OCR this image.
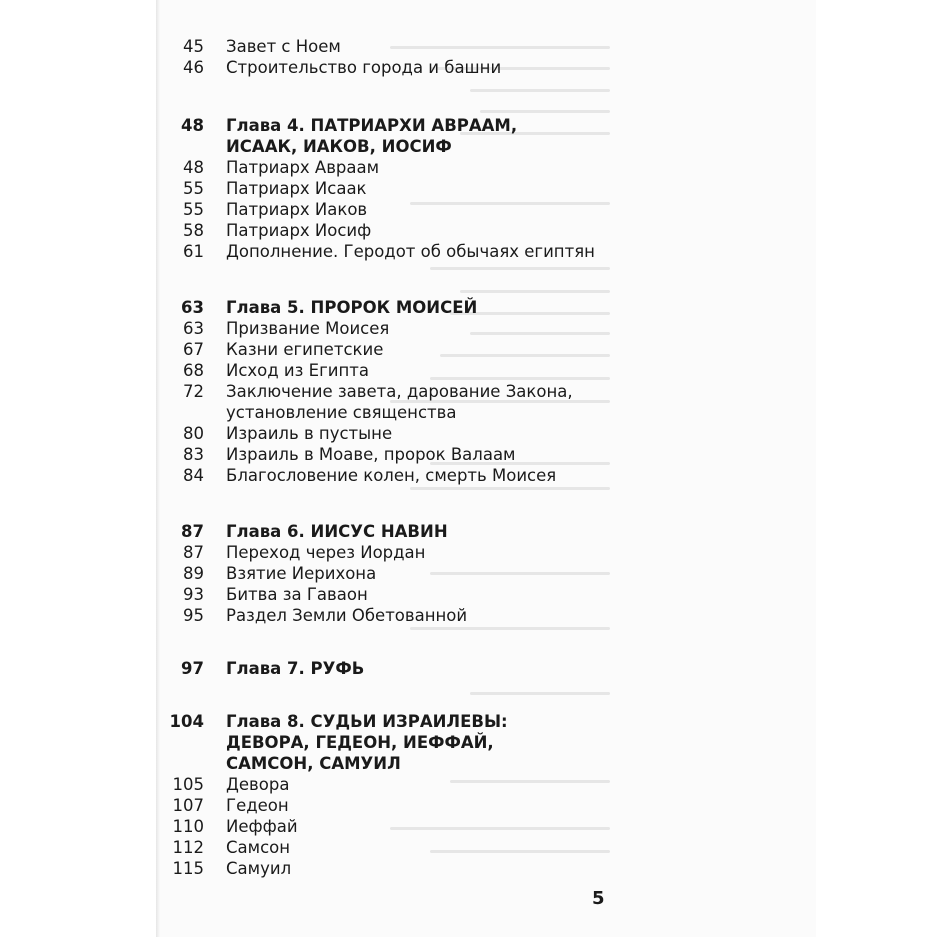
45 Завет с Ноем
46 Строительство города и башни
48 Глава 4. ПАТРИАРХИ АВРААМ,
ИСААК, ИАКОВ, ИОСИФ
48 Патриарх Авраам
55 Патриарх Исаак
55 Патриарх Иаков
58 Патриарх Иосиф
61 Дополнение. Геродот об обычаях египтян
63 Глава 5. ПРОРОК МОИСЕЙ
63 Призвание Моисея
67 Казни египетские
68 Исход из Египта
72 Заключение завета, дарование Закона,
установление священства
80 Израиль в пустыне
83 Израиль в Моаве, пророк Валаам
84 Благословение колен, смерть Моисея
87 Глава 6. ИИСУС НАВИН
87 Переход через Иордан
89 Взятие Иерихона
93 Битва за Гаваон
95 Раздел Земли Обетованной
97 Глава 7. РУФЬ
104 Глава 8. СУДЬИ ИЗРАИЛЕВЫ:
ДЕВОРА, ГЕДЕОН, ИЕФФАЙ,
САМСОН, САМУИЛ
105 Девора
107 Гедеон
110 Иеффай
112 Самсон
115 Самуил
5
